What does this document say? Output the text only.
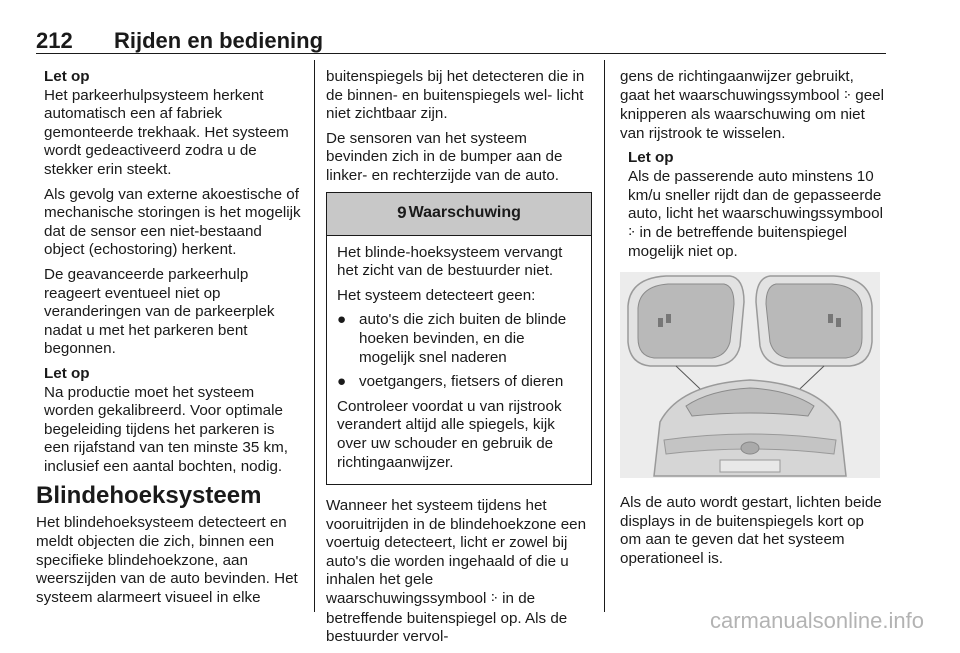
212 Rijden en bediening

Let op

Het parkeerhulpsysteem herkent automatisch een af fabriek gemonteerde trekhaak. Het systeem wordt gedeactiveerd zodra u de stekker erin steekt.

Als gevolg van externe akoestische of mechanische storingen is het mogelijk dat de sensor een niet-bestaand object (echostoring) herkent.

De geavanceerde parkeerhulp reageert eventueel niet op veranderingen van de parkeerplek nadat u met het parkeren bent begonnen.

Let op

Na productie moet het systeem worden gekalibreerd. Voor optimale begeleiding tijdens het parkeren is een rijafstand van ten minste 35 km, inclusief een aantal bochten, nodig.

Blindehoeksysteem

Het blindehoeksysteem detecteert en meldt objecten die zich, binnen een specifieke blindehoekzone, aan weerszijden van de auto bevinden. Het systeem alarmeert visueel in elke

buitenspiegels bij het detecteren die in de binnen- en buitenspiegels wel- licht niet zichtbaar zijn.

De sensoren van het systeem bevinden zich in de bumper aan de linker- en rechterzijde van de auto.

9 Waarschuwing

Het blinde-hoeksysteem vervangt het zicht van de bestuurder niet.

Het systeem detecteert geen:

● auto's die zich buiten de blinde hoeken bevinden, en die mogelijk snel naderen
● voetgangers, fietsers of dieren

Controleer voordat u van rijstrook verandert altijd alle spiegels, kijk over uw schouder en gebruik de richtingaanwijzer.

Wanneer het systeem tijdens het vooruitrijden in de blindehoekzone een voertuig detecteert, licht er zowel bij auto's die worden ingehaald of die u inhalen het gele waarschuwingssymbool ⠕ in de betreffende buitenspiegel op. Als de bestuurder vervol-

gens de richtingaanwijzer gebruikt, gaat het waarschuwingssymbool ⠕ geel knipperen als waarschuwing om niet van rijstrook te wisselen.

Let op

Als de passerende auto minstens 10 km/u sneller rijdt dan de gepasseerde auto, licht het waarschuwingssymbool ⠕ in de betreffende buitenspiegel mogelijk niet op.

Als de auto wordt gestart, lichten beide displays in de buitenspiegels kort op om aan te geven dat het systeem operationeel is.

carmanualsonline.info
